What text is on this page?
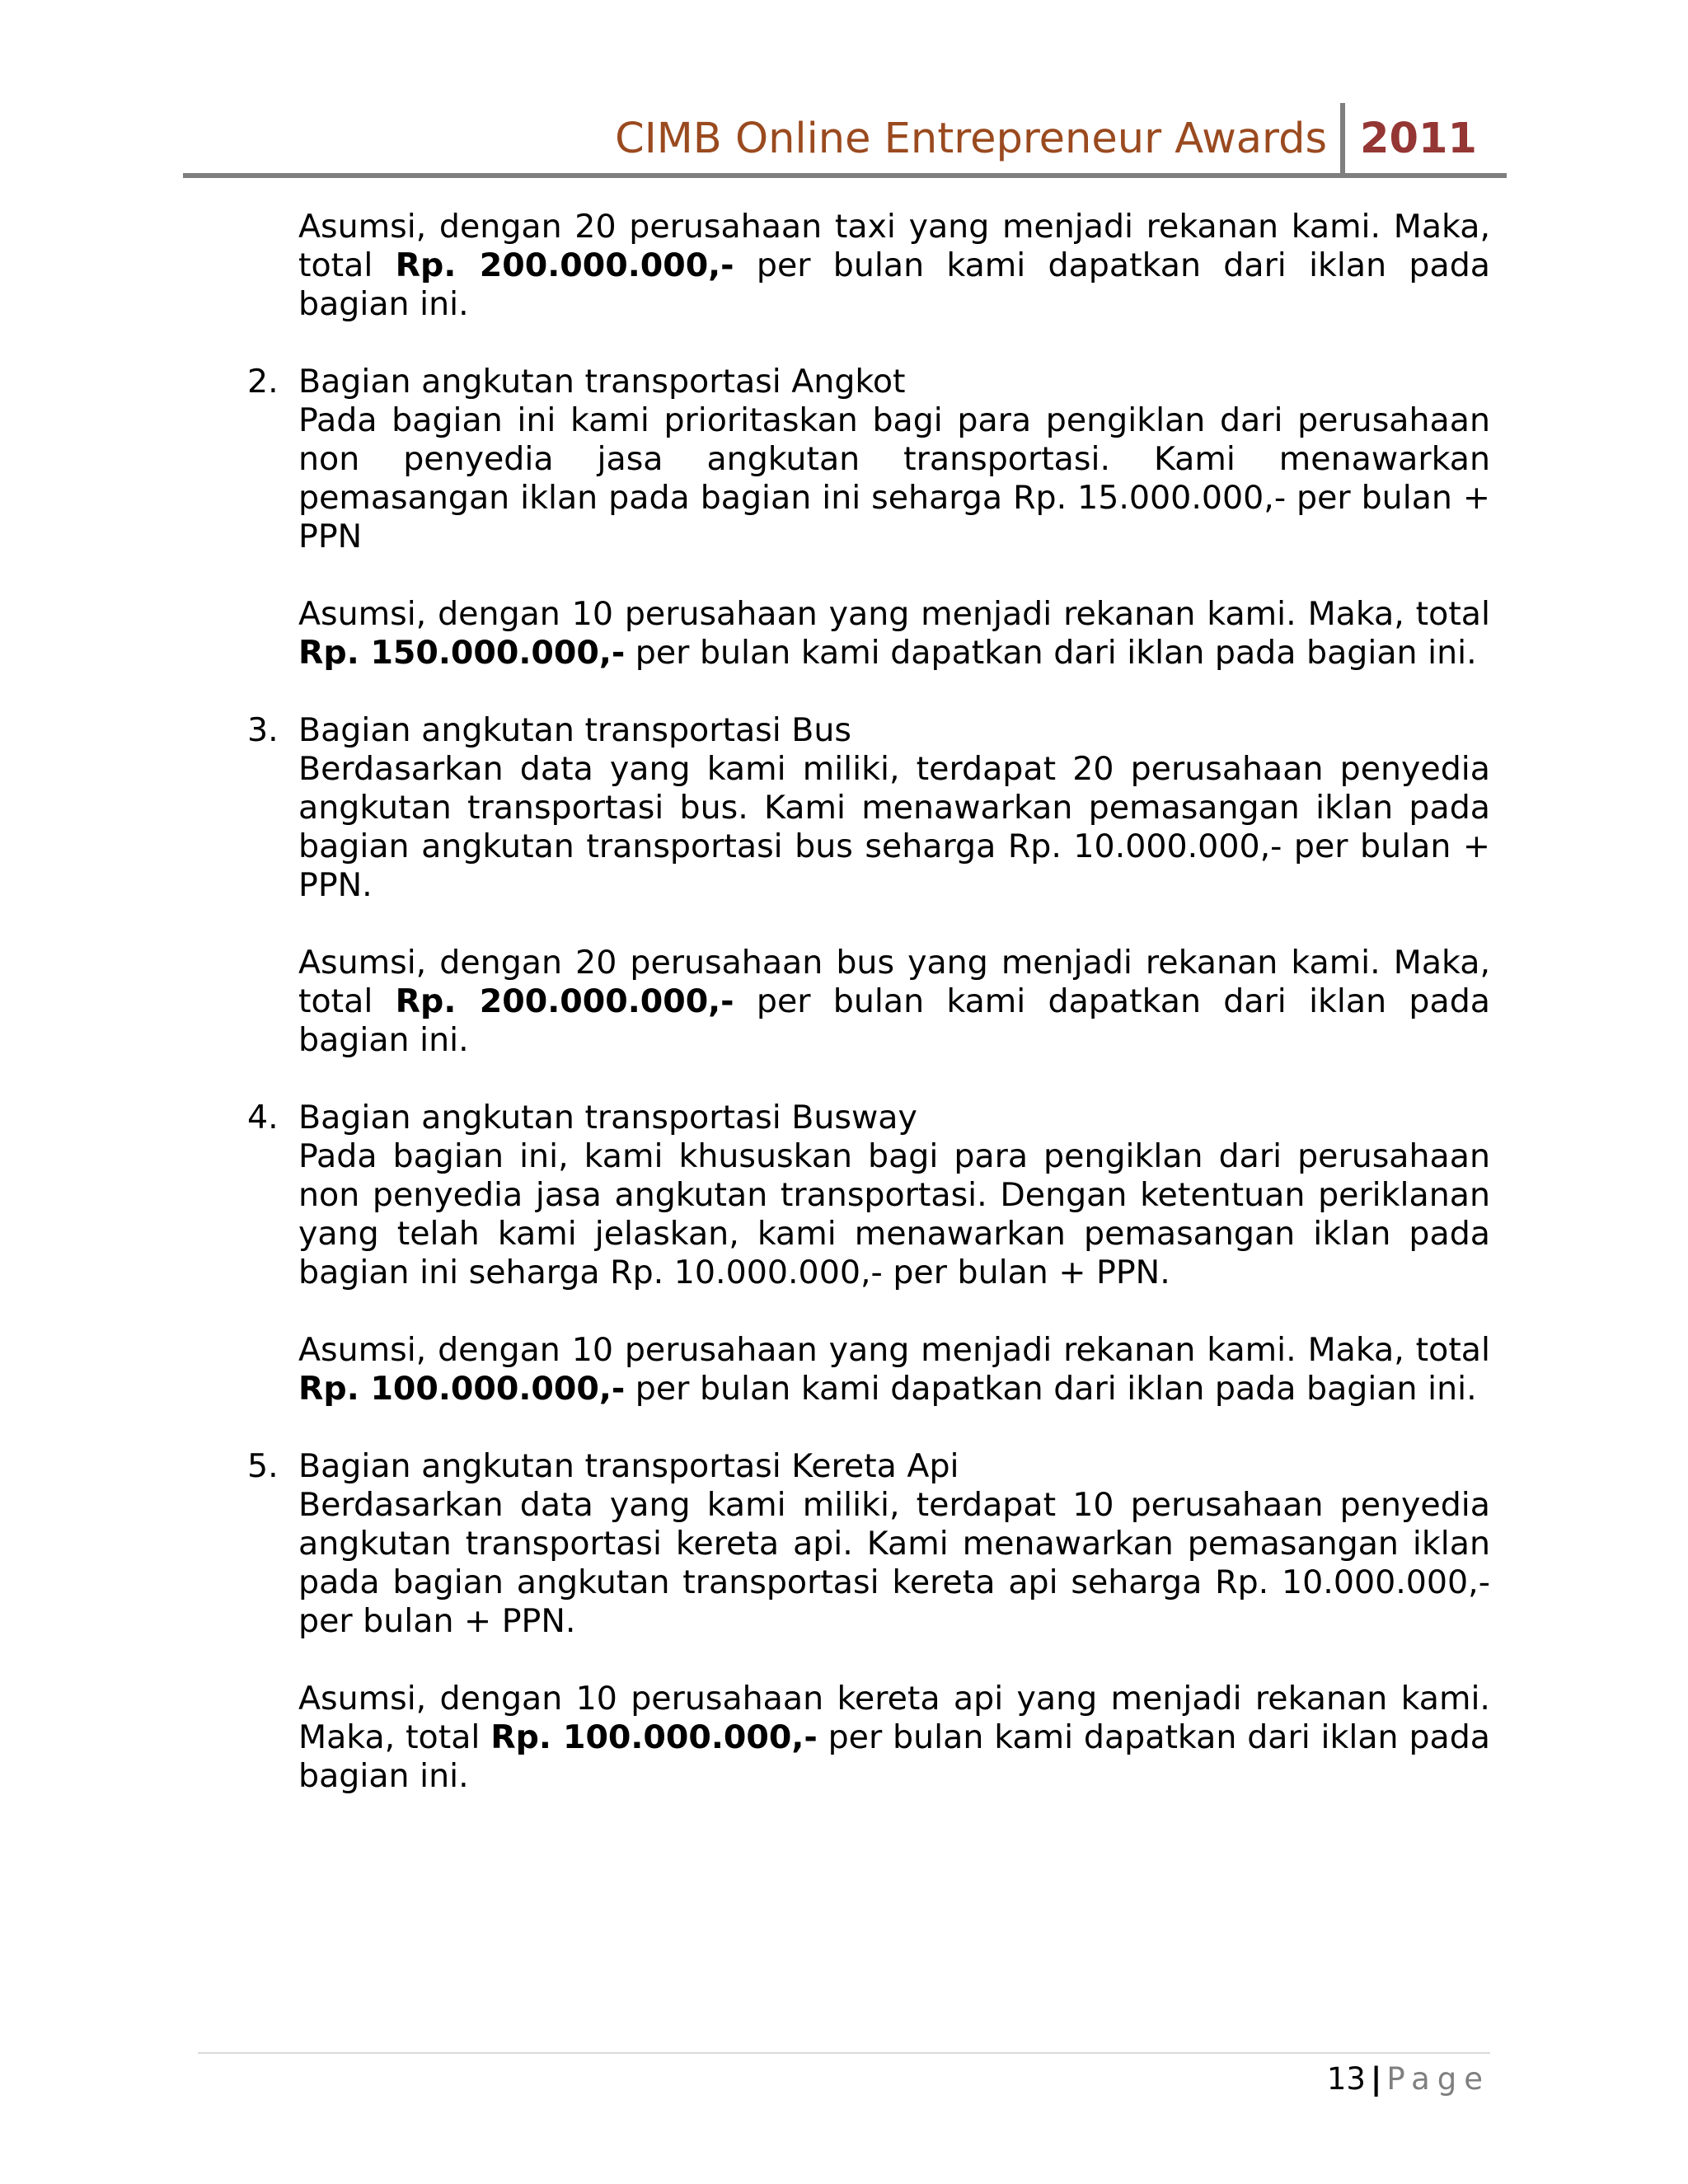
CIMB Online Entrepreneur Awards 2011

Asumsi, dengan 20 perusahaan taxi yang menjadi rekanan kami. Maka, total Rp. 200.000.000,- per bulan kami dapatkan dari iklan pada bagian ini.

2. Bagian angkutan transportasi Angkot

Pada bagian ini kami prioritaskan bagi para pengiklan dari perusahaan non penyedia jasa angkutan transportasi. Kami menawarkan pemasangan iklan pada bagian ini seharga Rp. 15.000.000,- per bulan + PPN

Asumsi, dengan 10 perusahaan yang menjadi rekanan kami. Maka, total Rp. 150.000.000,- per bulan kami dapatkan dari iklan pada bagian ini.

3. Bagian angkutan transportasi Bus

Berdasarkan data yang kami miliki, terdapat 20 perusahaan penyedia angkutan transportasi bus. Kami menawarkan pemasangan iklan pada bagian angkutan transportasi bus seharga Rp. 10.000.000,- per bulan + PPN.

Asumsi, dengan 20 perusahaan bus yang menjadi rekanan kami. Maka, total Rp. 200.000.000,- per bulan kami dapatkan dari iklan pada bagian ini.

4. Bagian angkutan transportasi Busway

Pada bagian ini, kami khususkan bagi para pengiklan dari perusahaan non penyedia jasa angkutan transportasi. Dengan ketentuan periklanan yang telah kami jelaskan, kami menawarkan pemasangan iklan pada bagian ini seharga Rp. 10.000.000,- per bulan + PPN.

Asumsi, dengan 10 perusahaan yang menjadi rekanan kami. Maka, total Rp. 100.000.000,- per bulan kami dapatkan dari iklan pada bagian ini.

5. Bagian angkutan transportasi Kereta Api

Berdasarkan data yang kami miliki, terdapat 10 perusahaan penyedia angkutan transportasi kereta api. Kami menawarkan pemasangan iklan pada bagian angkutan transportasi kereta api seharga Rp. 10.000.000,- per bulan + PPN.

Asumsi, dengan 10 perusahaan kereta api yang menjadi rekanan kami. Maka, total Rp. 100.000.000,- per bulan kami dapatkan dari iklan pada bagian ini.

13 | Page
